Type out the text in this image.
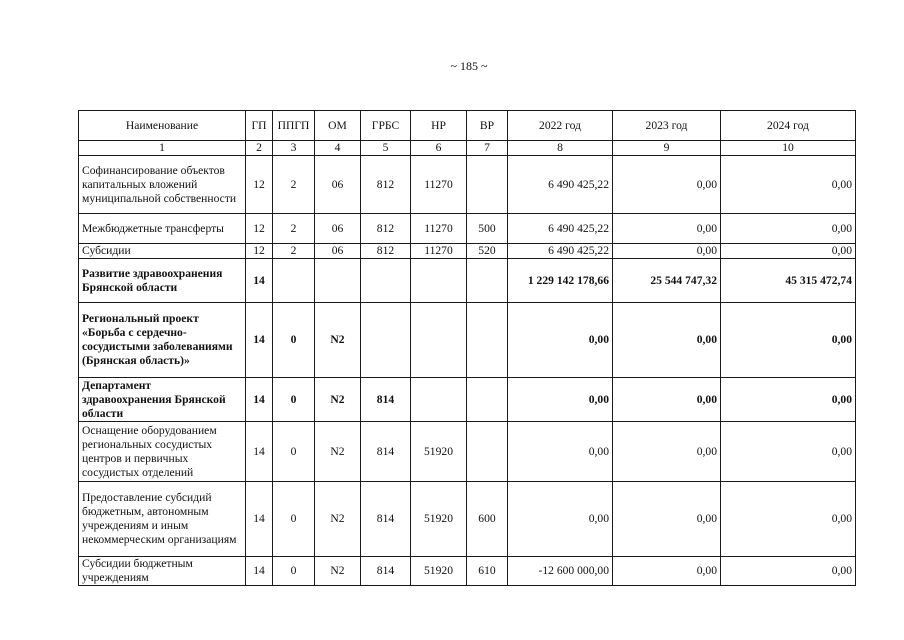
~ 185 ~
Наименование	ГП	ППГП	ОМ	ГРБС	НР	ВР	2022 год	2023 год	2024 год
1	2	3	4	5	6	7	8	9	10
Софинансирование объектов капитальных вложений муниципальной собственности	12	2	06	812	11270		6 490 425,22	0,00	0,00
Межбюджетные трансферты	12	2	06	812	11270	500	6 490 425,22	0,00	0,00
Субсидии	12	2	06	812	11270	520	6 490 425,22	0,00	0,00
Развитие здравоохранения Брянской области	14						1 229 142 178,66	25 544 747,32	45 315 472,74
Региональный проект «Борьба с сердечно-сосудистыми заболеваниями (Брянская область)»	14	0	N2				0,00	0,00	0,00
Департамент здравоохранения Брянской области	14	0	N2	814			0,00	0,00	0,00
Оснащение оборудованием региональных сосудистых центров и первичных сосудистых отделений	14	0	N2	814	51920		0,00	0,00	0,00
Предоставление субсидий бюджетным, автономным учреждениям и иным некоммерческим организациям	14	0	N2	814	51920	600	0,00	0,00	0,00
Субсидии бюджетным учреждениям	14	0	N2	814	51920	610	-12 600 000,00	0,00	0,00
